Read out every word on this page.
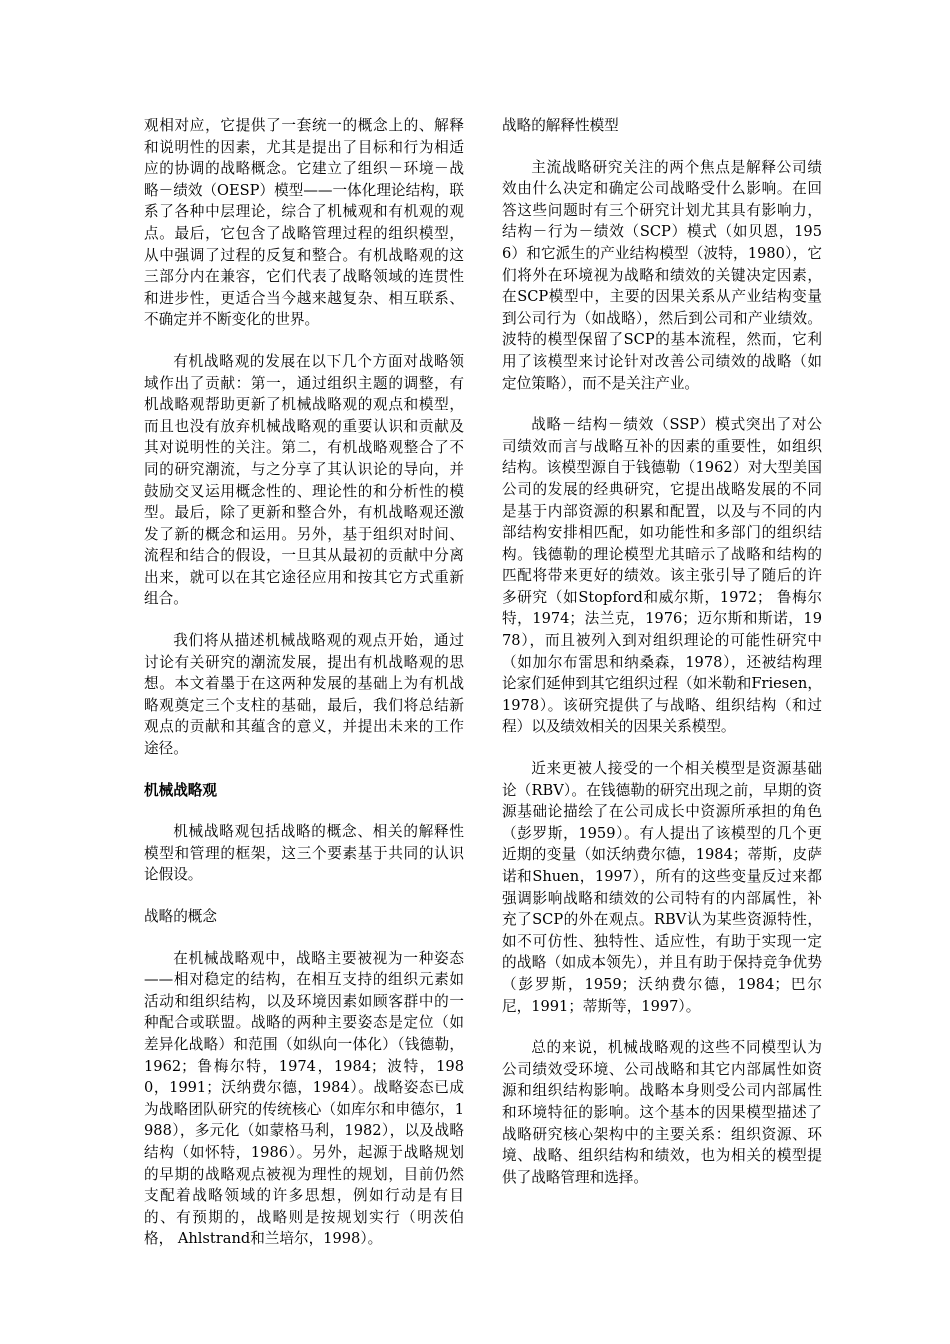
观相对应，它提供了一套统一的概念上的、解释和说明性的因素，尤其是提出了目标和行为相适应的协调的战略概念。它建立了组织－环境－战略－绩效（OESP）模型——一体化理论结构，联系了各种中层理论，综合了机械观和有机观的观点。最后，它包含了战略管理过程的组织模型，从中强调了过程的反复和整合。有机战略观的这三部分内在兼容，它们代表了战略领域的连贯性和进步性，更适合当今越来越复杂、相互联系、不确定并不断变化的世界。

有机战略观的发展在以下几个方面对战略领域作出了贡献：第一，通过组织主题的调整，有机战略观帮助更新了机械战略观的观点和模型，而且也没有放弃机械战略观的重要认识和贡献及其对说明性的关注。第二，有机战略观整合了不同的研究潮流，与之分享了其认识论的导向，并鼓励交叉运用概念性的、理论性的和分析性的模型。最后，除了更新和整合外，有机战略观还激发了新的概念和运用。另外，基于组织对时间、流程和结合的假设，一旦其从最初的贡献中分离出来，就可以在其它途径应用和按其它方式重新组合。

我们将从描述机械战略观的观点开始，通过讨论有关研究的潮流发展，提出有机战略观的思想。本文着墨于在这两种发展的基础上为有机战略观奠定三个支柱的基础，最后，我们将总结新观点的贡献和其蕴含的意义，并提出未来的工作途径。

机械战略观

机械战略观包括战略的概念、相关的解释性模型和管理的框架，这三个要素基于共同的认识论假设。

战略的概念

在机械战略观中，战略主要被视为一种姿态——相对稳定的结构，在相互支持的组织元素如活动和组织结构，以及环境因素如顾客群中的一种配合或联盟。战略的两种主要姿态是定位（如差异化战略）和范围（如纵向一体化）（钱德勒，1962；鲁梅尔特，1974，1984；波特，1980，1991；沃纳费尔德，1984）。战略姿态已成为战略团队研究的传统核心（如库尔和申德尔，1988），多元化（如蒙格马利，1982），以及战略结构（如怀特，1986）。另外，起源于战略规划的早期的战略观点被视为理性的规划，目前仍然支配着战略领域的许多思想，例如行动是有目的、有预期的，战略则是按规划实行（明茨伯格， Ahlstrand和兰培尔，1998）。

战略的解释性模型

主流战略研究关注的两个焦点是解释公司绩效由什么决定和确定公司战略受什么影响。在回答这些问题时有三个研究计划尤其具有影响力，结构－行为－绩效（SCP）模式（如贝恩，1956）和它派生的产业结构模型（波特，1980），它们将外在环境视为战略和绩效的关键决定因素，在SCP模型中，主要的因果关系从产业结构变量到公司行为（如战略），然后到公司和产业绩效。波特的模型保留了SCP的基本流程，然而，它利用了该模型来讨论针对改善公司绩效的战略（如定位策略），而不是关注产业。

战略－结构－绩效（SSP）模式突出了对公司绩效而言与战略互补的因素的重要性，如组织结构。该模型源自于钱德勒（1962）对大型美国公司的发展的经典研究，它提出战略发展的不同是基于内部资源的积累和配置，以及与不同的内部结构安排相匹配，如功能性和多部门的组织结构。钱德勒的理论模型尤其暗示了战略和结构的匹配将带来更好的绩效。该主张引导了随后的许多研究（如Stopford和威尔斯，1972； 鲁梅尔特，1974；法兰克，1976；迈尔斯和斯诺，1978），而且被列入到对组织理论的可能性研究中（如加尔布雷思和纳桑森，1978），还被结构理论家们延伸到其它组织过程（如米勒和Friesen，1978）。该研究提供了与战略、组织结构（和过程）以及绩效相关的因果关系模型。

近来更被人接受的一个相关模型是资源基础论（RBV）。在钱德勒的研究出现之前，早期的资源基础论描绘了在公司成长中资源所承担的角色（彭罗斯，1959）。有人提出了该模型的几个更近期的变量（如沃纳费尔德，1984；蒂斯，皮萨诺和Shuen，1997），所有的这些变量反过来都强调影响战略和绩效的公司特有的内部属性，补充了SCP的外在观点。RBV认为某些资源特性，如不可仿性、独特性、适应性，有助于实现一定的战略（如成本领先），并且有助于保持竞争优势（彭罗斯，1959；沃纳费尔德，1984；巴尔尼，1991；蒂斯等，1997）。

总的来说，机械战略观的这些不同模型认为公司绩效受环境、公司战略和其它内部属性如资源和组织结构影响。战略本身则受公司内部属性和环境特征的影响。这个基本的因果模型描述了战略研究核心架构中的主要关系：组织资源、环境、战略、组织结构和绩效，也为相关的模型提供了战略管理和选择。
